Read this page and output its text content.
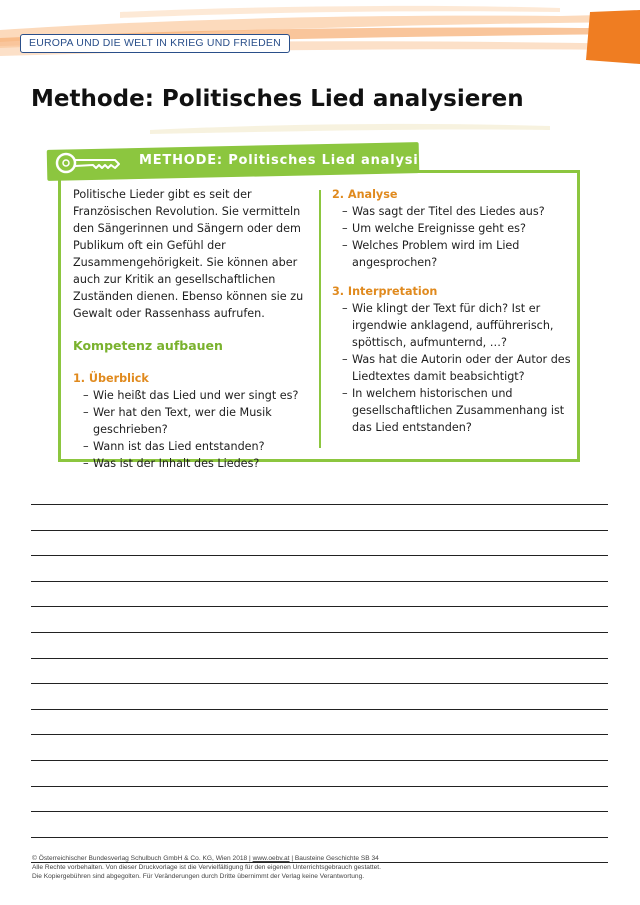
EUROPA UND DIE WELT IN KRIEG UND FRIEDEN
Methode: Politisches Lied analysieren

METHODE: Politisches Lied analysieren

Politische Lieder gibt es seit der Französischen Revolution. Sie vermitteln den Sängerinnen und Sängern oder dem Publikum oft ein Gefühl der Zusammengehörigkeit. Sie können aber auch zur Kritik an gesellschaftlichen Zuständen dienen. Ebenso können sie zu Gewalt oder Rassenhass aufrufen.

Kompetenz aufbauen

1. Überblick

– Wie heißt das Lied und wer singt es?
– Wer hat den Text, wer die Musik geschrieben?
– Wann ist das Lied entstanden?
– Was ist der Inhalt des Liedes?

2. Analyse

– Was sagt der Titel des Liedes aus?
– Um welche Ereignisse geht es?
– Welches Problem wird im Lied angesprochen?

3. Interpretation

– Wie klingt der Text für dich? Ist er irgendwie anklagend, aufführerisch, spöttisch, aufmunternd, …?
– Was hat die Autorin oder der Autor des Liedtextes damit beabsichtigt?
– In welchem historischen und gesellschaftlichen Zusammenhang ist das Lied entstanden?

© Österreichischer Bundesverlag Schulbuch GmbH & Co. KG, Wien 2018 | www.oebv.at | Bausteine Geschichte SB 34

Alle Rechte vorbehalten. Von dieser Druckvorlage ist die Vervielfältigung für den eigenen Unterrichtsgebrauch gestattet.

Die Kopiergebühren sind abgegolten. Für Veränderungen durch Dritte übernimmt der Verlag keine Verantwortung.
